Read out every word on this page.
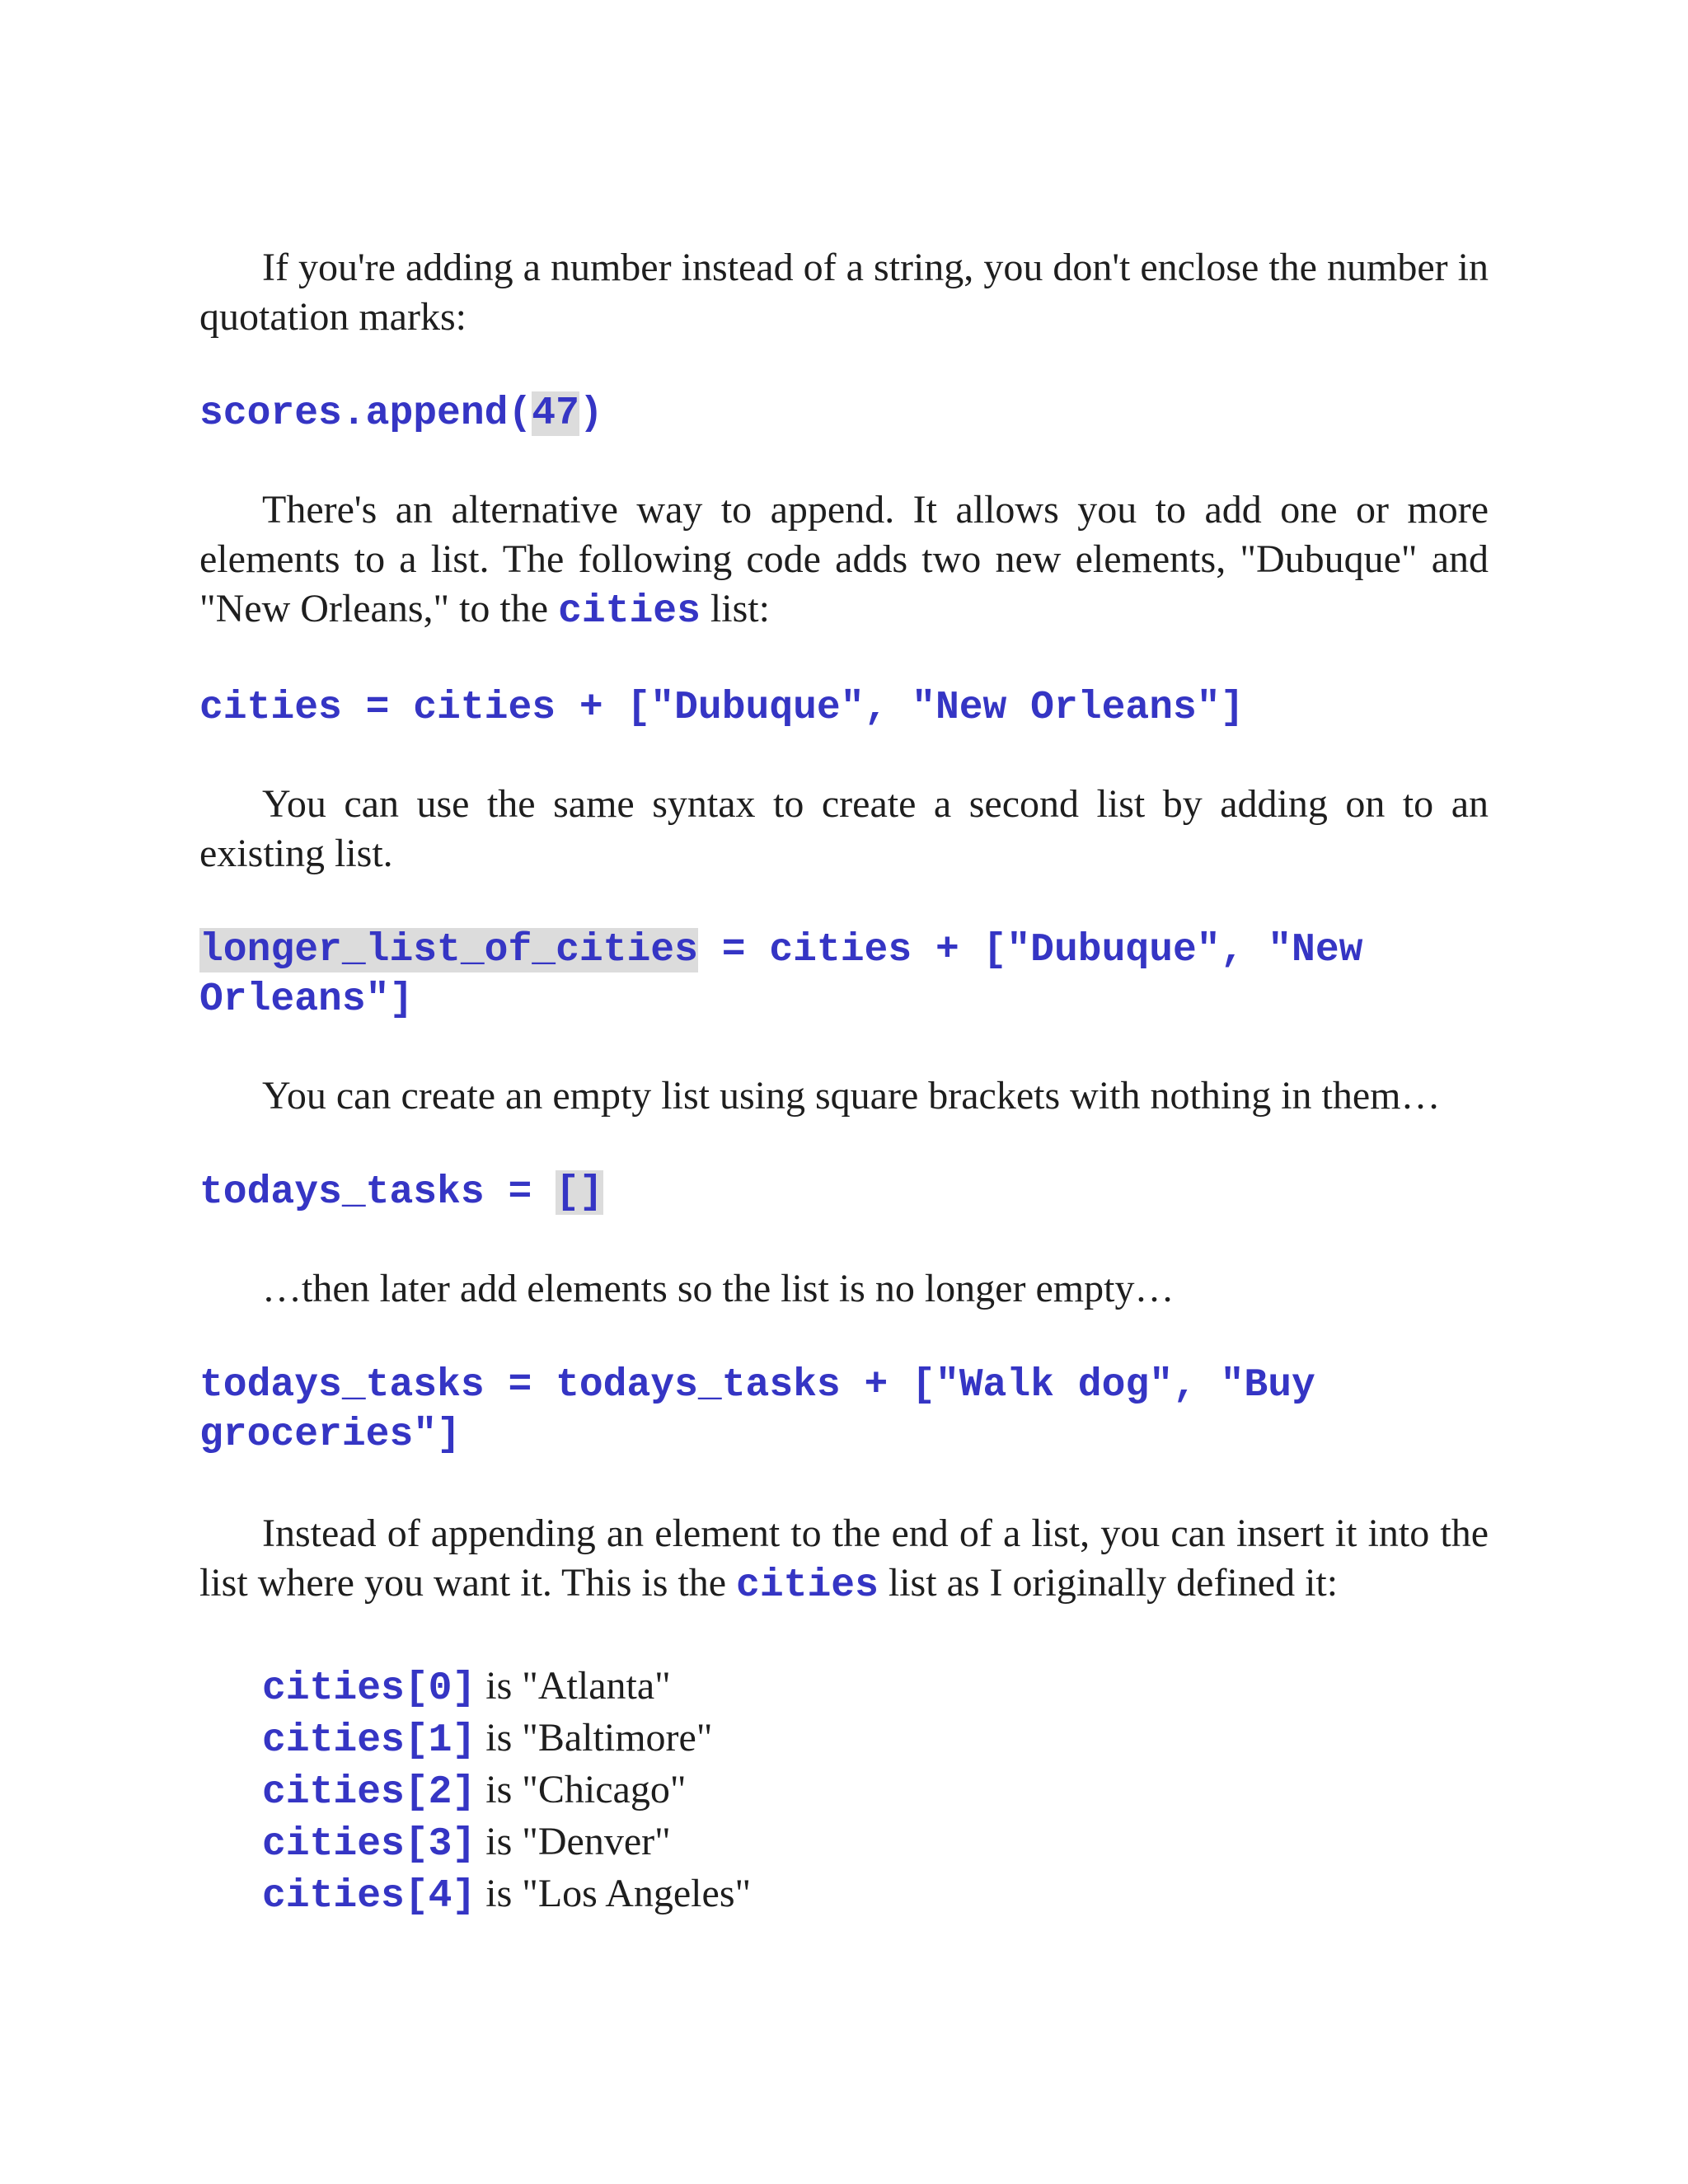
If you're adding a number instead of a string, you don't enclose the number in quotation marks:

scores.append(47)

There's an alternative way to append. It allows you to add one or more elements to a list. The following code adds two new elements, "Dubuque" and "New Orleans," to the cities list:

cities = cities + ["Dubuque", "New Orleans"]

You can use the same syntax to create a second list by adding on to an existing list.

longer_list_of_cities = cities + ["Dubuque", "New Orleans"]

You can create an empty list using square brackets with nothing in them…

todays_tasks = []

…then later add elements so the list is no longer empty…

todays_tasks = todays_tasks + ["Walk dog", "Buy groceries"]

Instead of appending an element to the end of a list, you can insert it into the list where you want it. This is the cities list as I originally defined it:

cities[0] is "Atlanta"
cities[1] is "Baltimore"
cities[2] is "Chicago"
cities[3] is "Denver"
cities[4] is "Los Angeles"
